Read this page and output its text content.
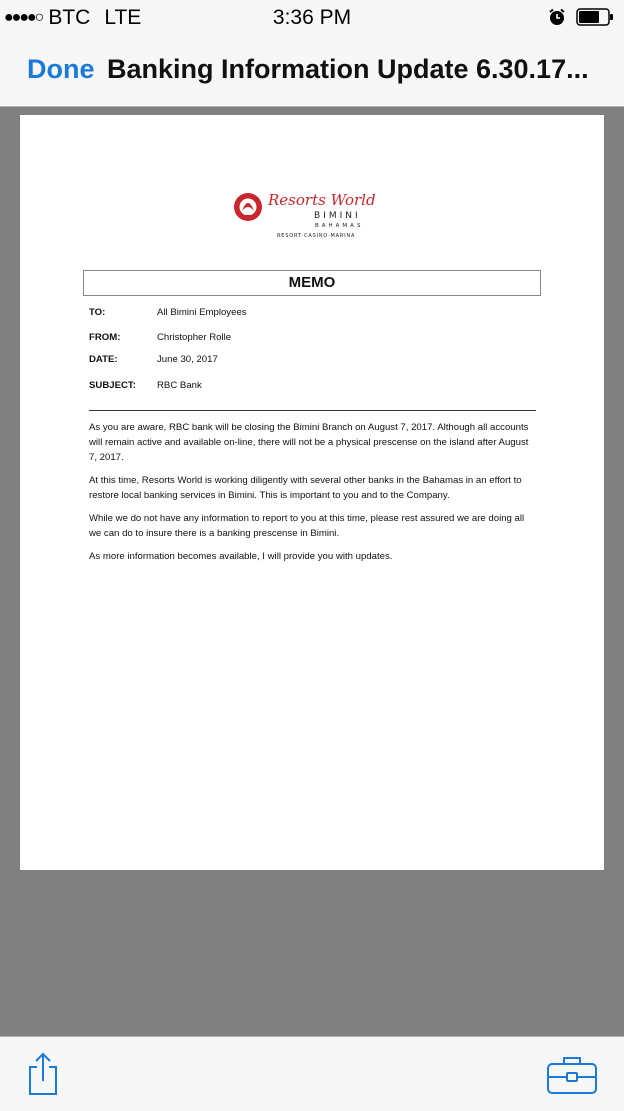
●●●●○ BTC LTE	3:36 PM
Done Banking Information Update 6.30.17...
Resorts World
BIMINI
BAHAMAS
RESORT·CASINO·MARINA
MEMO
TO:	All Bimini Employees
FROM:	Christopher Rolle
DATE:	June 30, 2017
SUBJECT: RBC Bank

As you are aware, RBC bank will be closing the Bimini Branch on August 7, 2017. Although all accounts will remain active and available on-line, there will not be a physical prescense on the island after August 7, 2017.

At this time, Resorts World is working diligently with several other banks in the Bahamas in an effort to restore local banking services in Bimini. This is important to you and to the Company.

While we do not have any information to report to you at this time, please rest assured we are doing all we can do to insure there is a banking prescense in Bimini.

As more information becomes available, I will provide you with updates.
